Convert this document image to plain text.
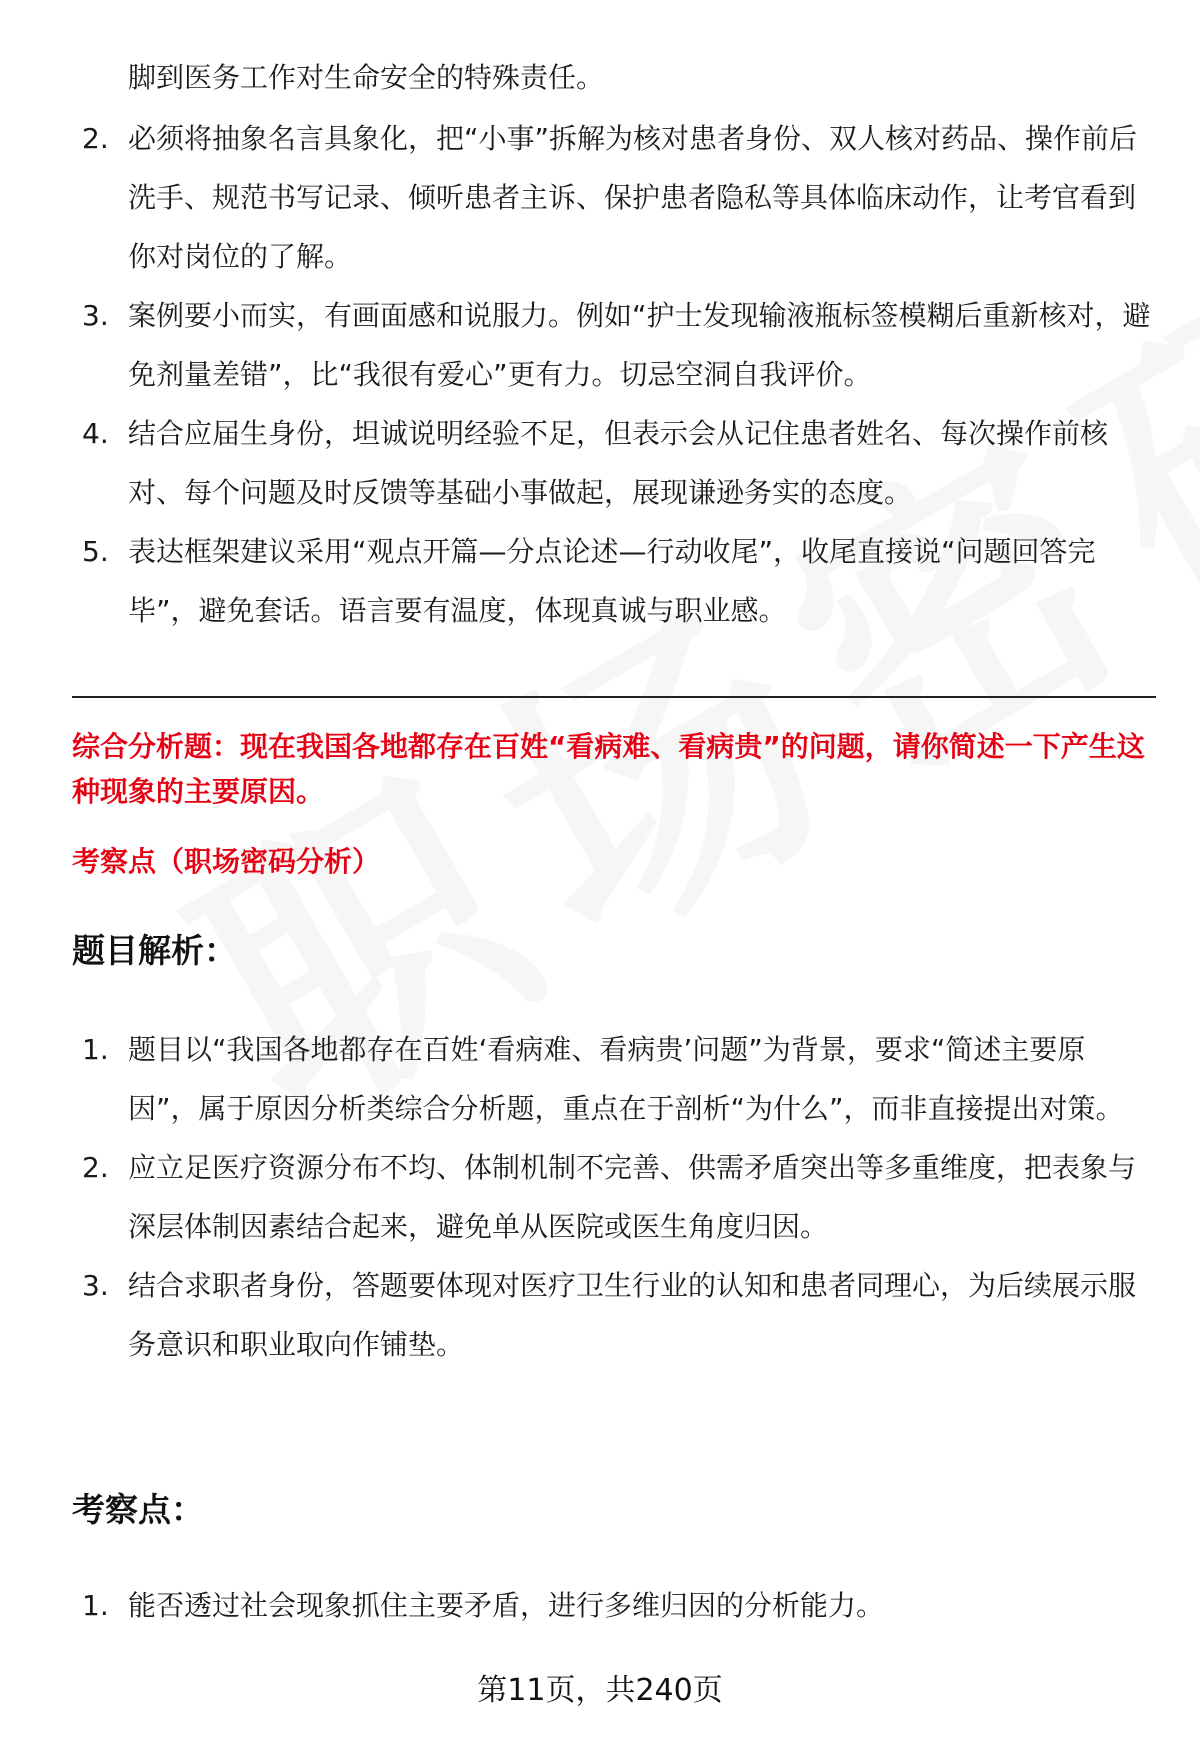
脚到医务工作对生命安全的特殊责任。
2. 必须将抽象名言具象化，把“小事”拆解为核对患者身份、双人核对药品、操作前后洗手、规范书写记录、倾听患者主诉、保护患者隐私等具体临床动作，让考官看到你对岗位的了解。
3. 案例要小而实，有画面感和说服力。例如“护士发现输液瓶标签模糊后重新核对，避免剂量差错”，比“我很有爱心”更有力。切忌空洞自我评价。
4. 结合应届生身份，坦诚说明经验不足，但表示会从记住患者姓名、每次操作前核对、每个问题及时反馈等基础小事做起，展现谦逊务实的态度。
5. 表达框架建议采用“观点开篇—分点论述—行动收尾”，收尾直接说“问题回答完毕”，避免套话。语言要有温度，体现真诚与职业感。
综合分析题：现在我国各地都存在百姓“看病难、看病贵”的问题，请你简述一下产生这种现象的主要原因。
考察点（职场密码分析）
题目解析：
1. 题目以“我国各地都存在百姓‘看病难、看病贵’问题”为背景，要求“简述主要原因”，属于原因分析类综合分析题，重点在于剖析“为什么”，而非直接提出对策。
2. 应立足医疗资源分布不均、体制机制不完善、供需矛盾突出等多重维度，把表象与深层体制因素结合起来，避免单从医院或医生角度归因。
3. 结合求职者身份，答题要体现对医疗卫生行业的认知和患者同理心，为后续展示服务意识和职业取向作铺垫。
考察点：
1. 能否透过社会现象抓住主要矛盾，进行多维归因的分析能力。
第11页，共240页
